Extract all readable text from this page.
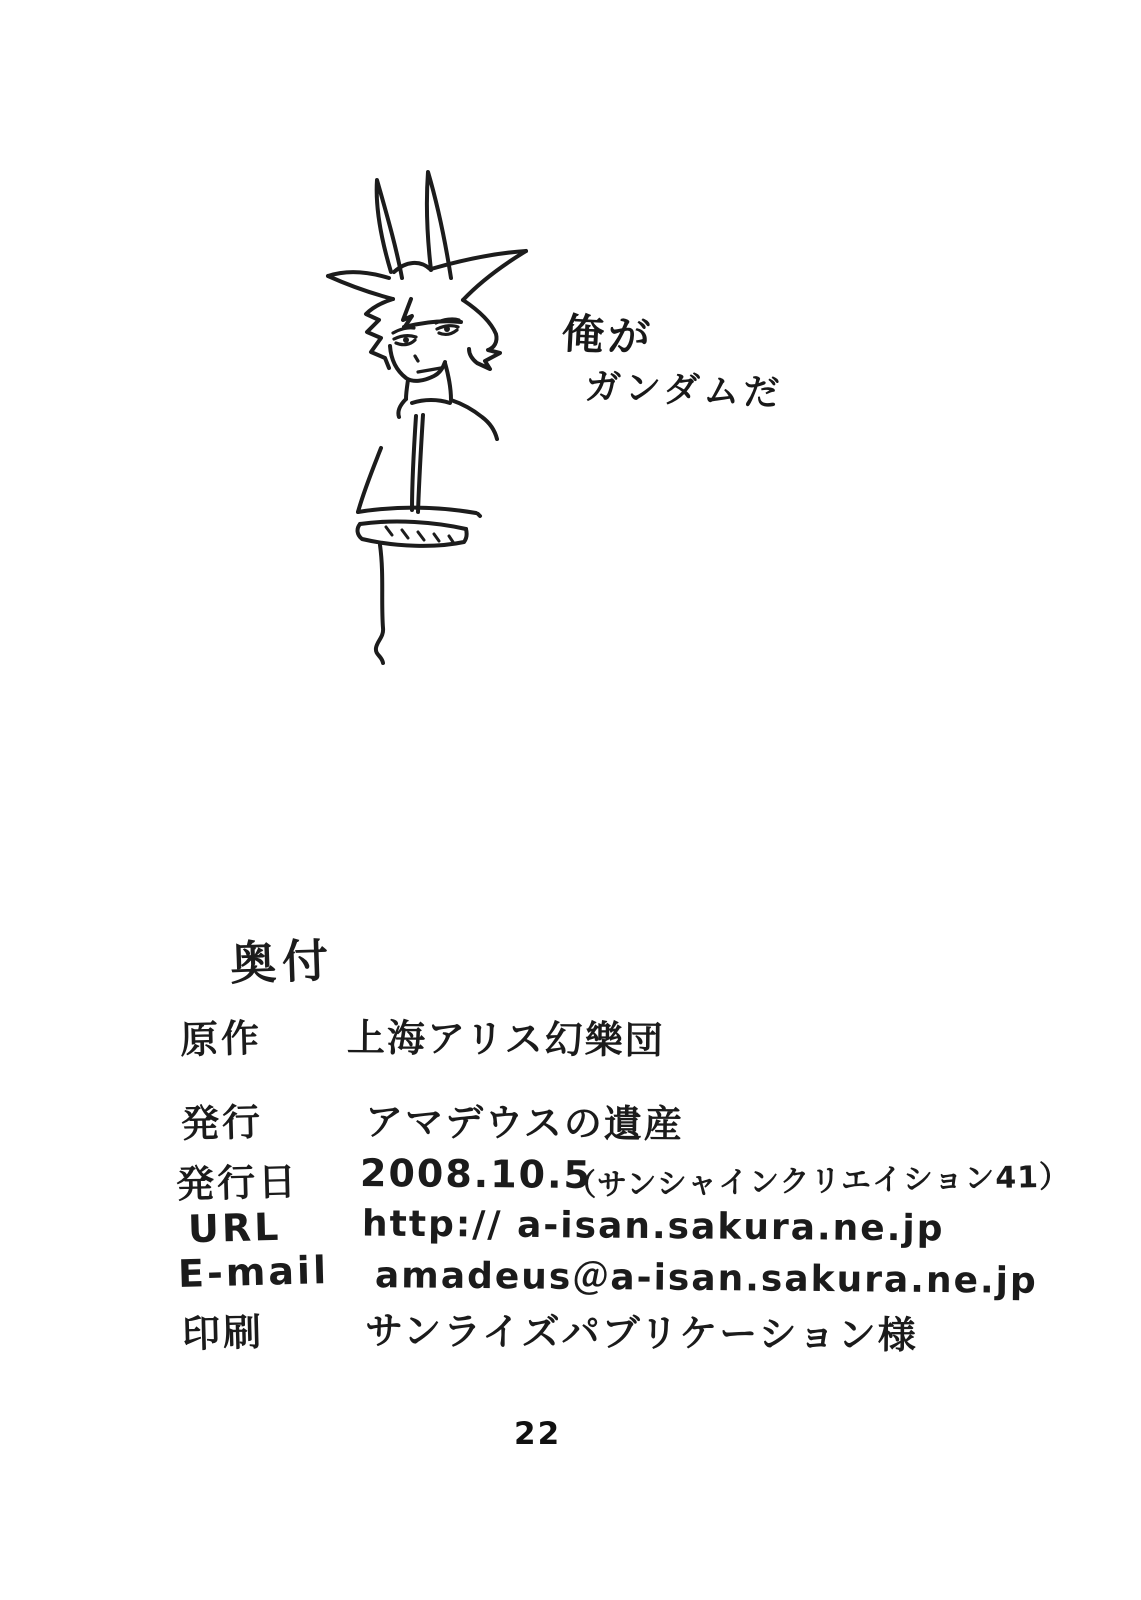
俺が
ガンダムだ
奥付
原作 上海アリス幻樂団
発行	アマデウスの遺産
発行日 2008.10.5
（サンシャインクリエイション41）
URL http:// a-isan.sakura.ne.jp
E-mail amadeus＠a-isan.sakura.ne.jp
印刷	サンライズパブリケーション様
22
